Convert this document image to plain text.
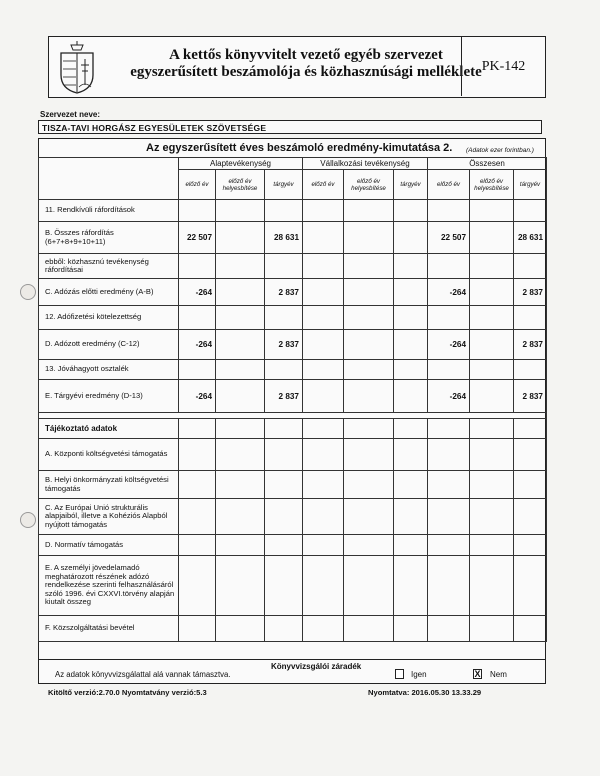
A kettős könyvvitelt vezető egyéb szervezet
egyszerűsített beszámolója és közhasznúsági melléklete PK-142
Szervezet neve:
TISZA-TAVI HORGÁSZ EGYESÜLETEK SZÖVETSÉGE
Az egyszerűsített éves beszámoló eredmény-kimutatása 2. (Adatok ezer forintban.)
	Alaptevékenység			Vállalkozási tevékenység			Összesen		
	előző év	előző év helyesbítése	tárgyév	előző év	előző év helyesbítése	tárgyév	előző év	előző év helyesbítése	tárgyév
11. Rendkívüli ráfordítások									
B. Összes ráfordítás (6+7+8+9+10+11)	22 507		28 631				22 507		28 631
ebből: közhasznú tevékenység ráfordításai									
C. Adózás előtti eredmény (A-B)	-264		2 837				-264		2 837
12. Adófizetési kötelezettség									
D. Adózott eredmény (C-12)	-264		2 837				-264		2 837
13. Jóváhagyott osztalék									
E. Tárgyévi eredmény (D-13)	-264		2 837				-264		2 837

Tájékoztató adatok									
A. Központi költségvetési támogatás									
B. Helyi önkormányzati költségvetési támogatás									
C. Az Európai Unió strukturális alapjaiból, illetve a Kohéziós Alapból nyújtott támogatás									
D. Normatív támogatás									
E. A személyi jövedelamadó meghatározott részének adózó rendelkezése szerinti felhasználásáról szóló 1996. évi CXXVI.törvény alapján kiutalt összeg									
F. Közszolgáltatási bevétel									
Az adatok könyvvizsgálattal alá vannak támasztva.
Könyvvizsgálói záradék
Igen	X Nem
Kitöltő verzió:2.70.0 Nyomtatvány verzió:5.3	Nyomtatva: 2016.05.30 13.33.29
